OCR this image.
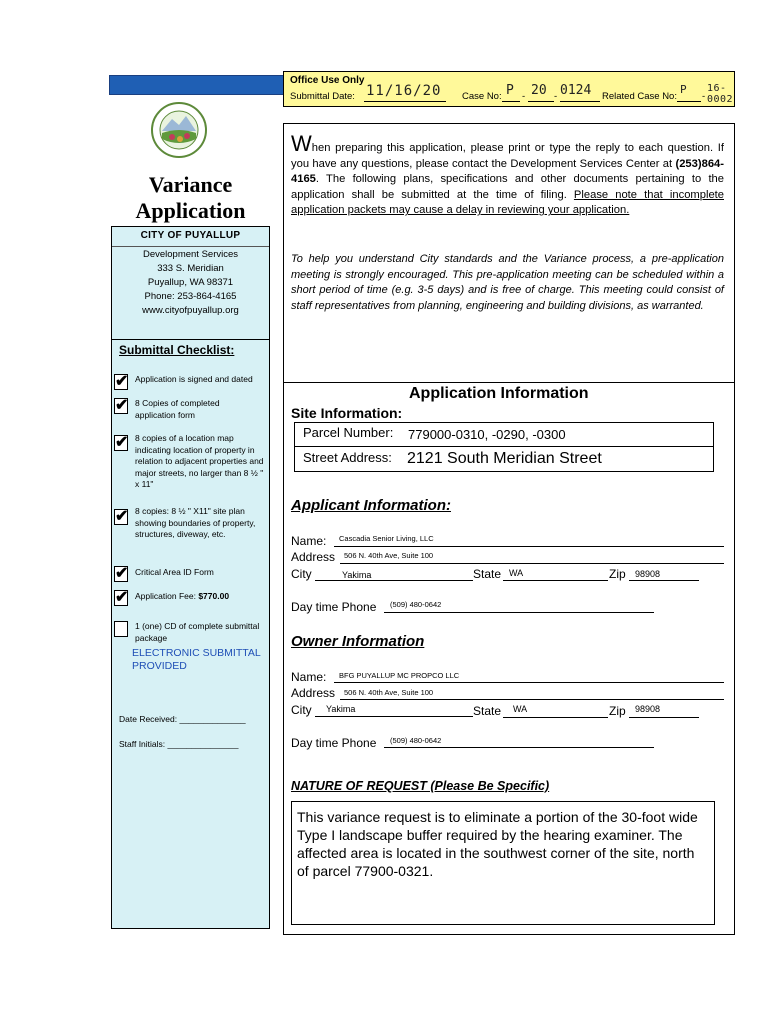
Office Use Only
Submittal Date: 11/16/20 Case No: P - 20 - 0124 Related Case No:
P
-
16-0002
Variance
Application
CITY OF PUYALLUP
Development Services
333 S. Meridian
Puyallup, WA 98371
Phone: 253-864-4165
www.cityofpuyallup.org
Submittal Checklist:
✔ Application is signed and dated
✔ 8 Copies of completed application form
✔ 8 copies of a location map indicating location of property in relation to adjacent properties and major streets, no larger than 8 ½ " x 11"
✔ 8 copies: 8 ½ " X11" site plan showing boundaries of property, structures, diveway, etc.
✔ Critical Area ID Form
✔ Application Fee: $770.00
1 (one) CD of complete submittal package
ELECTRONIC SUBMITTAL PROVIDED
Date Received: ______________
Staff Initials: _______________
When preparing this application, please print or type the reply to each question. If you have any questions, please contact the Development Services Center at (253)864-4165. The following plans, specifications and other documents pertaining to the application shall be submitted at the time of filing. Please note that incomplete application packets may cause a delay in reviewing your application.
To help you understand City standards and the Variance process, a pre-application meeting is strongly encouraged. This pre-application meeting can be scheduled within a short period of time (e.g. 3-5 days) and is free of charge. This meeting could consist of staff representatives from planning, engineering and building divisions, as warranted.
Application Information
Site Information:
Parcel Number: 779000-0310, -0290, -0300
Street Address: 2121 South Meridian Street
Applicant Information:
Name: Cascadia Senior Living, LLC
Address 506 N. 40th Ave, Suite 100
City	Yakima	State WA	Zip 98908
Day time Phone (509) 480-0642
Owner Information
Name: BFG PUYALLUP MC PROPCO LLC
Address 506 N. 40th Ave, Suite 100
City Yakima	State WA	Zip 98908
Day time Phone (509) 480-0642
NATURE OF REQUEST (Please Be Specific)
This variance request is to eliminate a portion of the 30-foot wide Type I landscape buffer required by the hearing examiner. The affected area is located in the southwest corner of the site, north of parcel 77900-0321.
